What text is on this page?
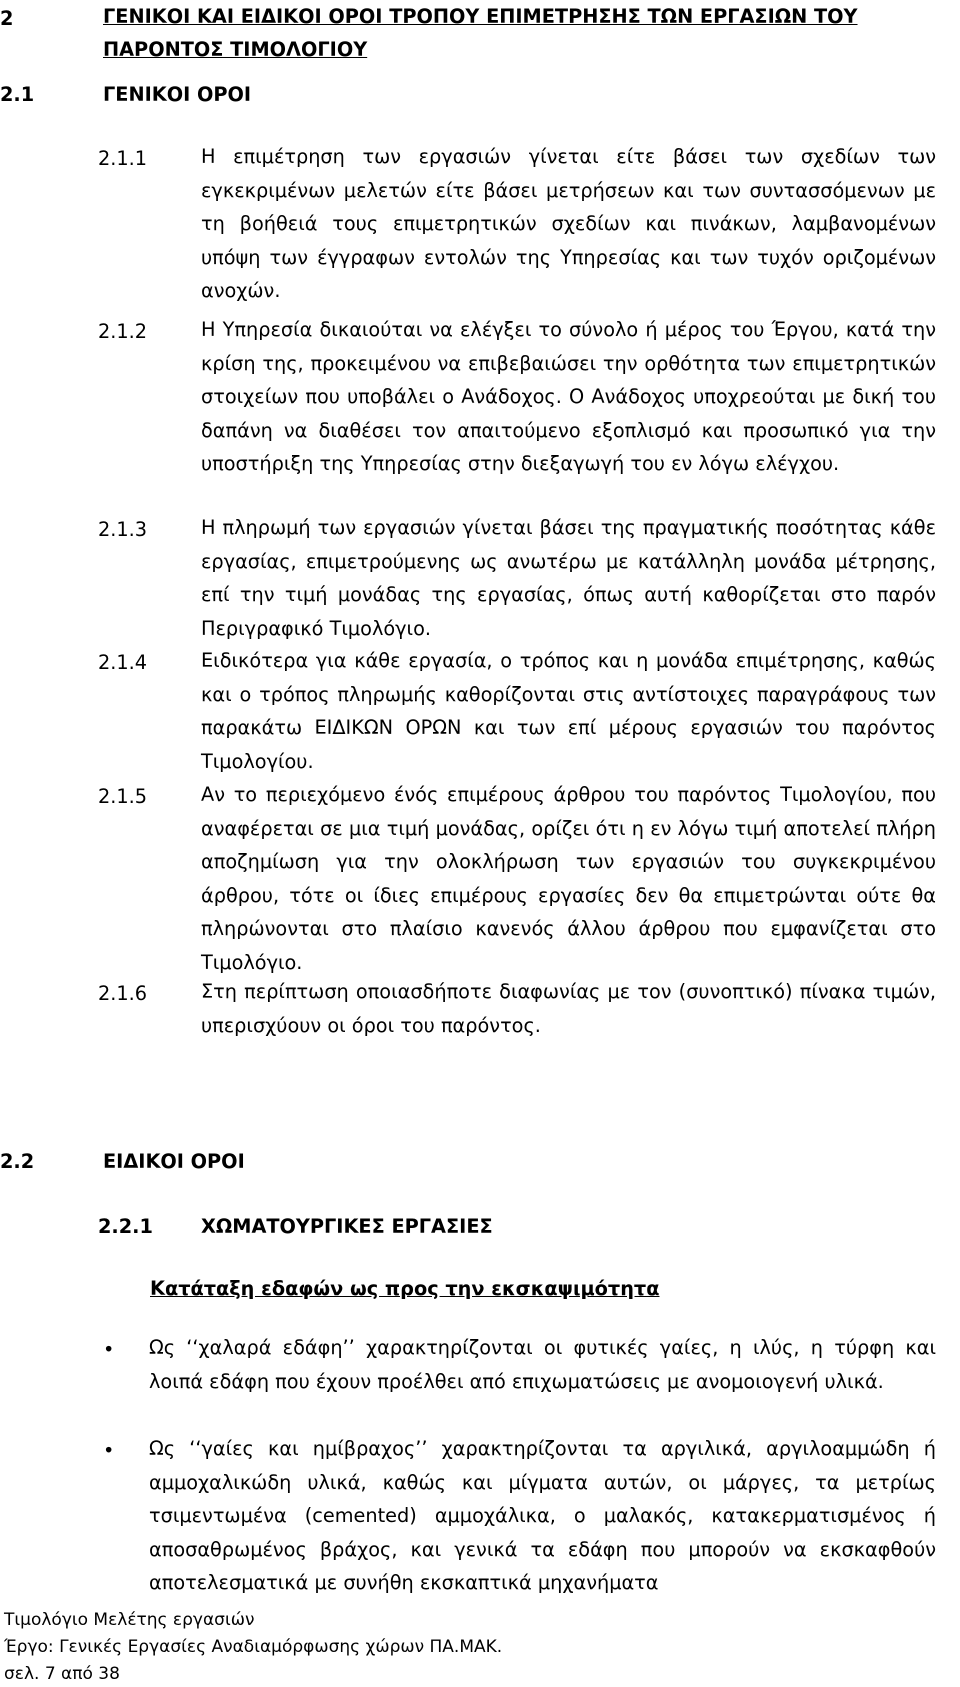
2	ΓΕΝΙΚΟΙ ΚΑΙ ΕΙΔΙΚΟΙ ΟΡΟΙ ΤΡΟΠΟΥ ΕΠΙΜΕΤΡΗΣΗΣ ΤΩΝ ΕΡΓΑΣΙΩΝ ΤΟΥ ΠΑΡΟΝΤΟΣ ΤΙΜΟΛΟΓΙΟΥ
2.1	ΓΕΝΙΚΟΙ ΟΡΟΙ
2.1.1	Η επιμέτρηση των εργασιών γίνεται είτε βάσει των σχεδίων των εγκεκριμένων μελετών είτε βάσει μετρήσεων και των συντασσόμενων με τη βοήθειά τους επιμετρητικών σχεδίων και πινάκων, λαμβανομένων υπόψη των έγγραφων εντολών της Υπηρεσίας και των τυχόν οριζομένων ανοχών.
2.1.2	Η Υπηρεσία δικαιούται να ελέγξει το σύνολο ή μέρος του Έργου, κατά την κρίση της, προκειμένου να επιβεβαιώσει την ορθότητα των επιμετρητικών στοιχείων που υποβάλει ο Ανάδοχος. Ο Ανάδοχος υποχρεούται με δική του δαπάνη να διαθέσει τον απαιτούμενο εξοπλισμό και προσωπικό για την υποστήριξη της Υπηρεσίας στην διεξαγωγή του εν λόγω ελέγχου.
2.1.3	Η πληρωμή των εργασιών γίνεται βάσει της πραγματικής ποσότητας κάθε εργασίας, επιμετρούμενης ως ανωτέρω με κατάλληλη μονάδα μέτρησης, επί την τιμή μονάδας της εργασίας, όπως αυτή καθορίζεται στο παρόν Περιγραφικό Τιμολόγιο.
2.1.4	Ειδικότερα για κάθε εργασία, ο τρόπος και η μονάδα επιμέτρησης, καθώς και ο τρόπος πληρωμής καθορίζονται στις αντίστοιχες παραγράφους των παρακάτω ΕΙΔΙΚΩΝ ΟΡΩΝ και των επί μέρους εργασιών του παρόντος Τιμολογίου.
2.1.5	Αν το περιεχόμενο ένός επιμέρους άρθρου του παρόντος Τιμολογίου, που αναφέρεται σε μια τιμή μονάδας, ορίζει ότι η εν λόγω τιμή αποτελεί πλήρη αποζημίωση για την ολοκλήρωση των εργασιών του συγκεκριμένου άρθρου, τότε οι ίδιες επιμέρους εργασίες δεν θα επιμετρώνται ούτε θα πληρώνονται στο πλαίσιο κανενός άλλου άρθρου που εμφανίζεται στο Τιμολόγιο.
2.1.6	Στη περίπτωση οποιασδήποτε διαφωνίας με τον (συνοπτικό) πίνακα τιμών, υπερισχύουν οι όροι του παρόντος.
2.2	ΕΙΔΙΚΟΙ ΟΡΟΙ
2.2.1 ΧΩΜΑΤΟΥΡΓΙΚΕΣ ΕΡΓΑΣΙΕΣ
Κατάταξη εδαφών ως προς την εκσκαψιμότητα
• Ως ‘‘χαλαρά εδάφη’’ χαρακτηρίζονται οι φυτικές γαίες, η ιλύς, η τύρφη και λοιπά εδάφη που έχουν προέλθει από επιχωματώσεις με ανομοιογενή υλικά.
• Ως ‘‘γαίες και ημίβραχος’’ χαρακτηρίζονται τα αργιλικά, αργιλοαμμώδη ή αμμοχαλικώδη υλικά, καθώς και μίγματα αυτών, οι μάργες, τα μετρίως τσιμεντωμένα (cemented) αμμοχάλικα, ο μαλακός, κατακερματισμένος ή αποσαθρωμένος βράχος, και γενικά τα εδάφη που μπορούν να εκσκαφθούν αποτελεσματικά με συνήθη εκσκαπτικά μηχανήματα
Τιμολόγιο Μελέτης εργασιών
Έργο: Γενικές Εργασίες Αναδιαμόρφωσης χώρων ΠΑ.ΜΑΚ.
σελ. 7 από 38
